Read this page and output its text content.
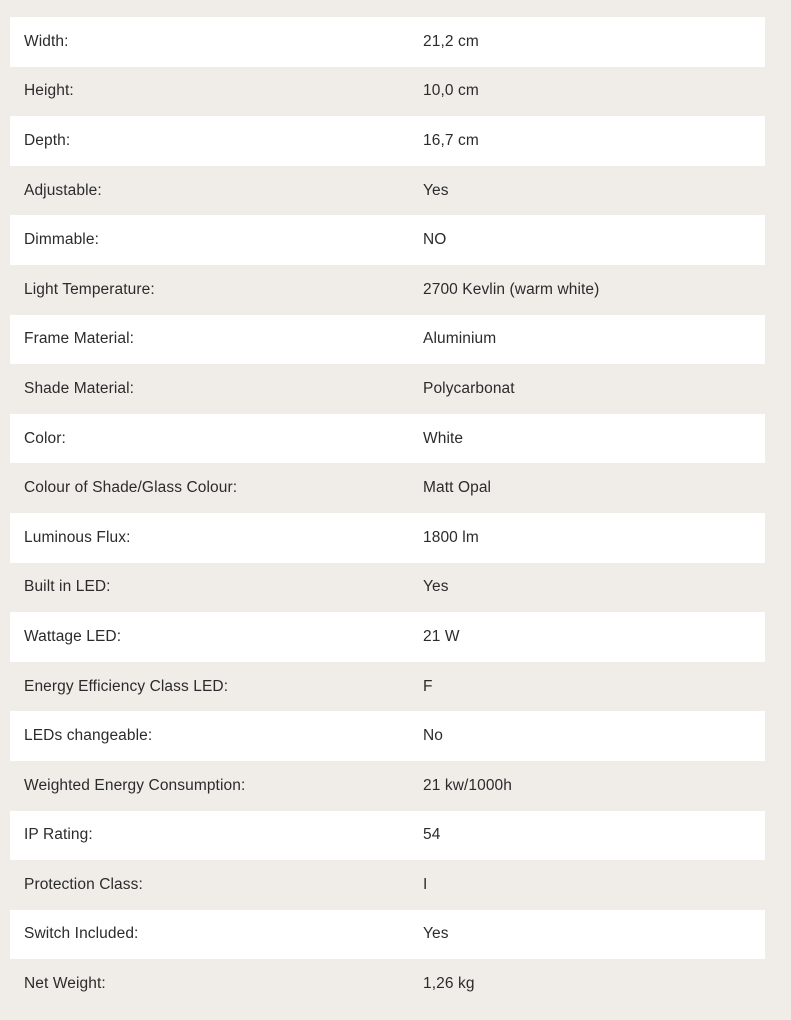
Width:	21,2 cm
Height:	10,0 cm
Depth:	16,7 cm
Adjustable:	Yes
Dimmable:	NO
Light Temperature:	2700 Kevlin (warm white)
Frame Material:	Aluminium
Shade Material:	Polycarbonat
Color:	White
Colour of Shade/Glass Colour:	Matt Opal
Luminous Flux:	1800 lm
Built in LED:	Yes
Wattage LED:	21 W
Energy Efficiency Class LED:	F
LEDs changeable:	No
Weighted Energy Consumption:	21 kw/1000h
IP Rating:	54
Protection Class:	I
Switch Included:	Yes
Net Weight:	1,26 kg
